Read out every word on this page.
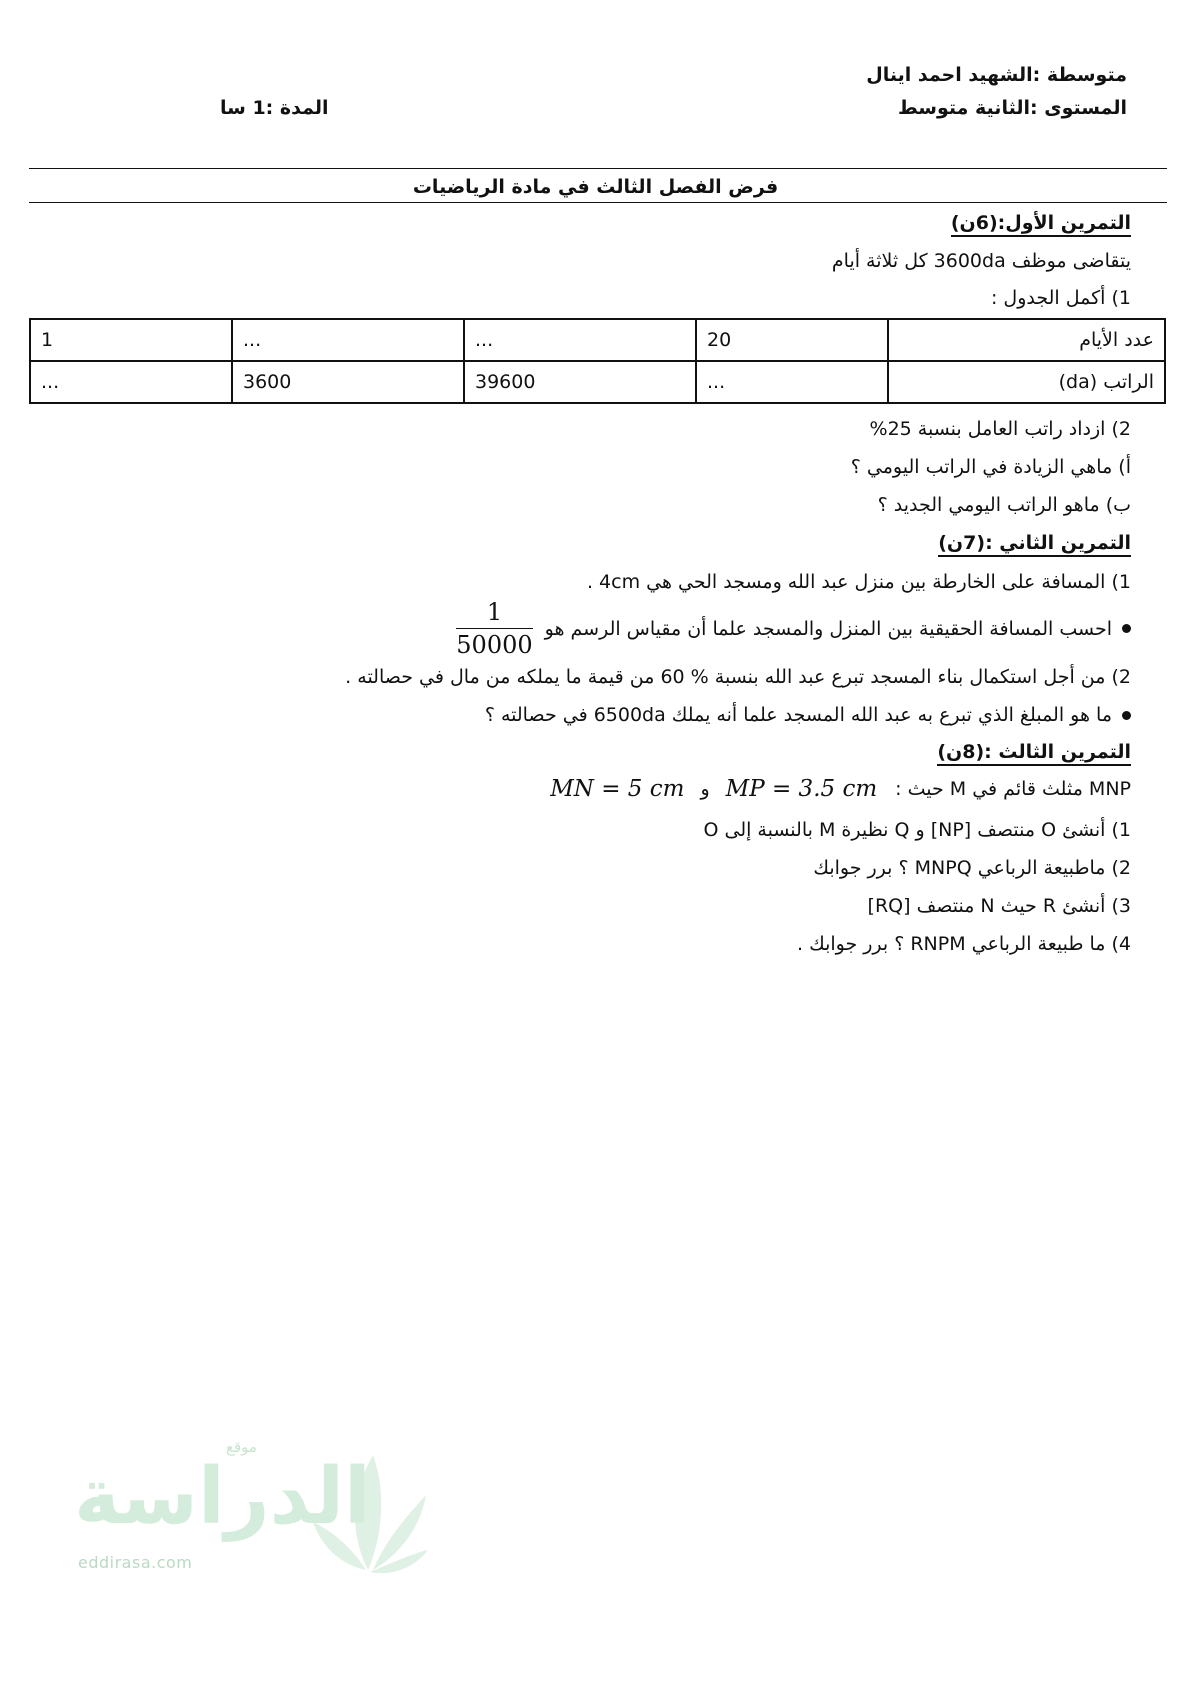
متوسطة :الشهيد احمد اينال
المستوى :الثانية متوسط
المدة :1 سا
فرض الفصل الثالث في مادة الرياضيات
التمرين الأول:(6ن)
يتقاضى موظف 3600da كل ثلاثة أيام
1) أكمل الجدول :
عدد الأيام	20	...	...	1
الراتب (da)	...	39600	3600	...
2) ازداد راتب العامل بنسبة 25%
أ) ماهي الزيادة في الراتب اليومي ؟
ب) ماهو الراتب اليومي الجديد ؟
التمرين الثاني :(7ن)
1) المسافة على الخارطة بين منزل عبد الله ومسجد الحي هي 4cm .
احسب المسافة الحقيقية بين المنزل والمسجد علما أن مقياس الرسم هو
$\frac{1}{50000}$
2) من أجل استكمال بناء المسجد تبرع عبد الله بنسبة % 60 من قيمة ما يملكه من مال في حصالته .
ما هو المبلغ الذي تبرع به عبد الله المسجد علما أنه يملك 6500da في حصالته ؟
التمرين الثالث :(8ن)
MNP مثلث قائم في M حيث :
MP = 3.5 cm
و
MN = 5 cm
1) أنشئ O منتصف [NP] و Q نظيرة M بالنسبة إلى O
2) ماطبيعة الرباعي MNPQ ؟ برر جوابك
3) أنشئ R حيث N منتصف [RQ]
4) ما طبيعة الرباعي RNPM ؟ برر جوابك .
موقع
الدراسة
eddirasa.com
